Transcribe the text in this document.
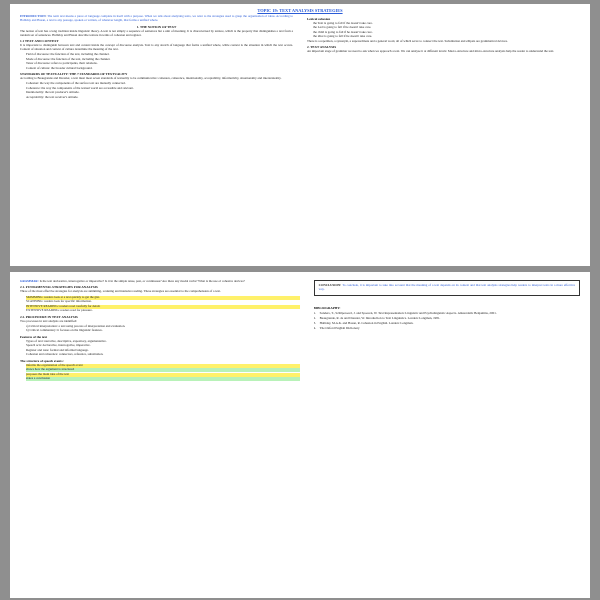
TOPIC 19: TEXT ANALYSIS STRATEGIES

INTRODUCTION: The term text means a piece of language complete in itself with a purpose. When we talk about analysing texts, we refer to the strategies used to grasp the organisation of ideas. According to Halliday and Hasan, a text is any passage, spoken or written, of whatever length, that forms a unified whole.

1. THE NOTION OF TEXT

The notion of text has a long tradition inside linguistic theory. A text is not simply a sequence of sentences but a unit of meaning. It is characterised by texture, which is the property that distinguishes a text from a random set of sentences. Halliday and Hasan describe texture in terms of cohesion and register.

1.1 TEXT AND CONTEXT

It is important to distinguish between text and context inside the concept of discourse analysis. Text is any stretch of language that forms a unified whole, while context is the situation in which the text occurs. Context of situation and context of culture determine the meaning of the text.

Field of discourse: the function of the text, including the channel.
Mode of discourse: the function of the text, including the channel.
Tenor of discourse: refers to participants, their relations.
Context of culture: the broader cultural background.
STANDARDS OF TEXTUALITY: THE 7 STANDARDS OF TEXTUALITY

According to Beaugrande and Dressler, a text must meet seven standards of textuality to be communicative: cohesion, coherence, intentionality, acceptability, informativity, situationality and intertextuality.

Cohesion: the way the components of the surface text are mutually connected.
Coherence: the way the components of the textual world are accessible and relevant.
Intentionality: the text producer's attitude.
Acceptability: the text receiver's attitude.
Lexical cohesion
the Text is going to fall if the doesn't take care.
the Lad is going to fall if he doesn't take care.
the child is going to fall if he doesn't take care.
the idiot is going to fall if he doesn't take care.

There is a repetition, a synonym, a superordinate and a general word, all of which serve to connect the text. Substitution and ellipsis are grammatical devices.

2. TEXT ANALYSIS

An important stage of grammar we need to ask when we approach a text. We can analyse it at different levels: Macro-structure and micro-structure analysis help the reader to understand the text.

GRAMMAR: Is the text declarative, interrogative or imperative? Is it in the simple tense, past, or continuous? Are there any modal verbs? What is the use of cohesive devices?

2.1. FUNDAMENTAL STRATEGIES FOR ANALYSIS

Three of the most effective strategies for analysis are skimming, scanning and intensive reading. These strategies are essential to the comprehension of a text.

SKIMMING: readers look at a text quickly to get the gist.
SCANNING: readers look for specific information.
INTENSIVE READING: readers read carefully for detail.
EXTENSIVE READING: readers read for pleasure.
2.2. PROCEDURE IN TEXT ANALYSIS

Two processes in text analysis are identified:

a) Critical interpretation: a text using process of interpretation and evaluation.
b) Critical commentary: it focuses on the linguistic features.
Features of the text
Types of text: narrative, descriptive, expository, argumentative.
Speech acts: declarative, interrogative, imperative.
Register and tone: formal and informal language.
Cohesion and coherence: connectors, reference, substitution.
The structure of speech events:
informs the organization of the speech event
shows how the argument is structured
proposes the main idea of the text
states a conclusion

CONCLUSION: To conclude, it is important to take into account that the meaning of a text depends on its context and that text analysis strategies help readers to interpret texts in a more effective way.

BIBLIOGRAPHY:
1. Sanders, T., Schilperoord, J. and Spooren, W. Text Representation: Linguistic and Psycholinguistic Aspects. Amsterdam: Benjamins, 2001.
2. Beaugrande, R. de and Dressler, W. Introduction to Text Linguistics. London: Longman, 1981.
3. Halliday, M.A.K. and Hasan, R. Cohesion in English. London: Longman.
4. The Oxford English Dictionary
